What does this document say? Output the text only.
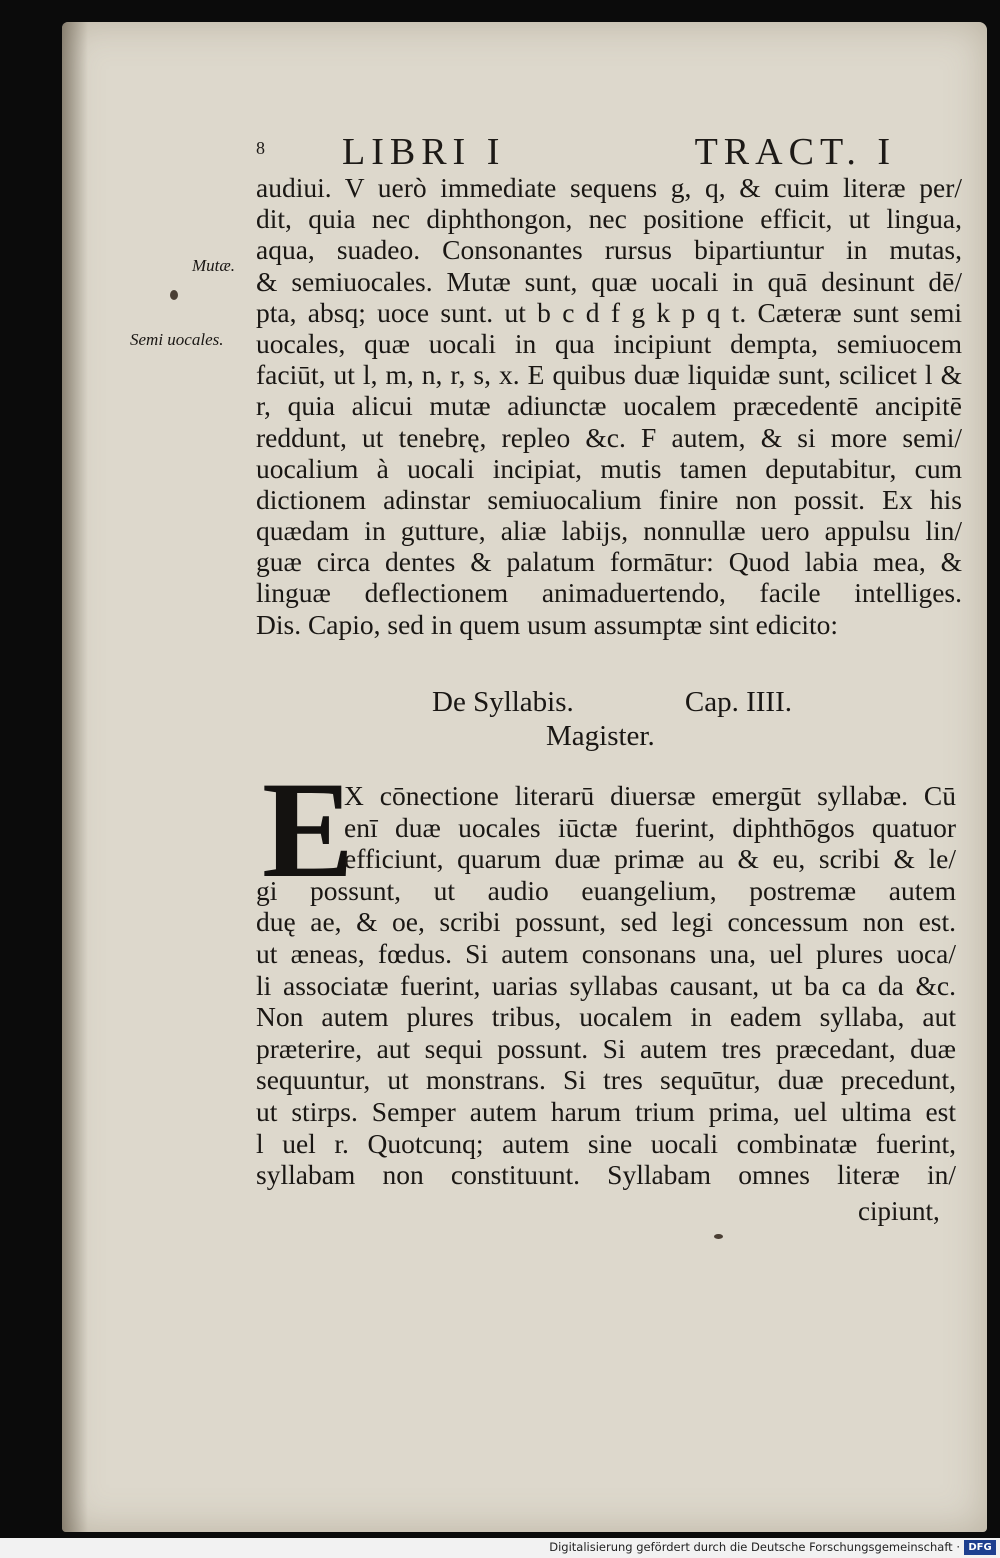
8 LIBRI I	TRACT. I
Mutæ.
Semi uocales.
audiui. V uerò immediate sequens g, q, & cuim literæ per/
dit, quia nec diphthongon, nec positione efficit, ut lingua,
aqua, suadeo. Consonantes rursus bipartiuntur in mutas,
& semiuocales. Mutæ sunt, quæ uocali in quā desinunt dē/
pta, absq; uoce sunt. ut b c d f g k p q t. Cæteræ sunt semi
uocales, quæ uocali in qua incipiunt dempta, semiuocem
faciūt, ut l, m, n, r, s, x. E quibus duæ liquidæ sunt, scilicet l &
r, quia alicui mutæ adiunctæ uocalem præcedentē ancipitē
reddunt, ut tenebrę, repleo &c. F autem, & si more semi/
uocalium à uocali incipiat, mutis tamen deputabitur, cum
dictionem adinstar semiuocalium finire non possit. Ex his
quædam in gutture, aliæ labijs, nonnullæ uero appulsu lin/
guæ circa dentes & palatum formātur: Quod labia mea, &
linguæ deflectionem animaduertendo, facile intelliges.
Dis. Capio, sed in quem usum assumptæ sint edicito:
De Syllabis.	Cap. IIII.
Magister.
E
X cōnectione literarū diuersæ emergūt syllabæ. Cū
enī duæ uocales iūctæ fuerint, diphthōgos quatuor
efficiunt, quarum duæ primæ au & eu, scribi & le/
gi possunt, ut audio euangelium, postremæ autem
duę ae, & oe, scribi possunt, sed legi concessum non est.
ut æneas, fœdus. Si autem consonans una, uel plures uoca/
li associatæ fuerint, uarias syllabas causant, ut ba ca da &c.
Non autem plures tribus, uocalem in eadem syllaba, aut
præterire, aut sequi possunt. Si autem tres præcedant, duæ
sequuntur, ut monstrans. Si tres sequūtur, duæ precedunt,
ut stirps. Semper autem harum trium prima, uel ultima est
l uel r. Quotcunq; autem sine uocali combinatæ fuerint,
syllabam non constituunt. Syllabam omnes literæ in/
cipiunt,
Digitalisierung gefördert durch die Deutsche Forschungsgemeinschaft · DFG
